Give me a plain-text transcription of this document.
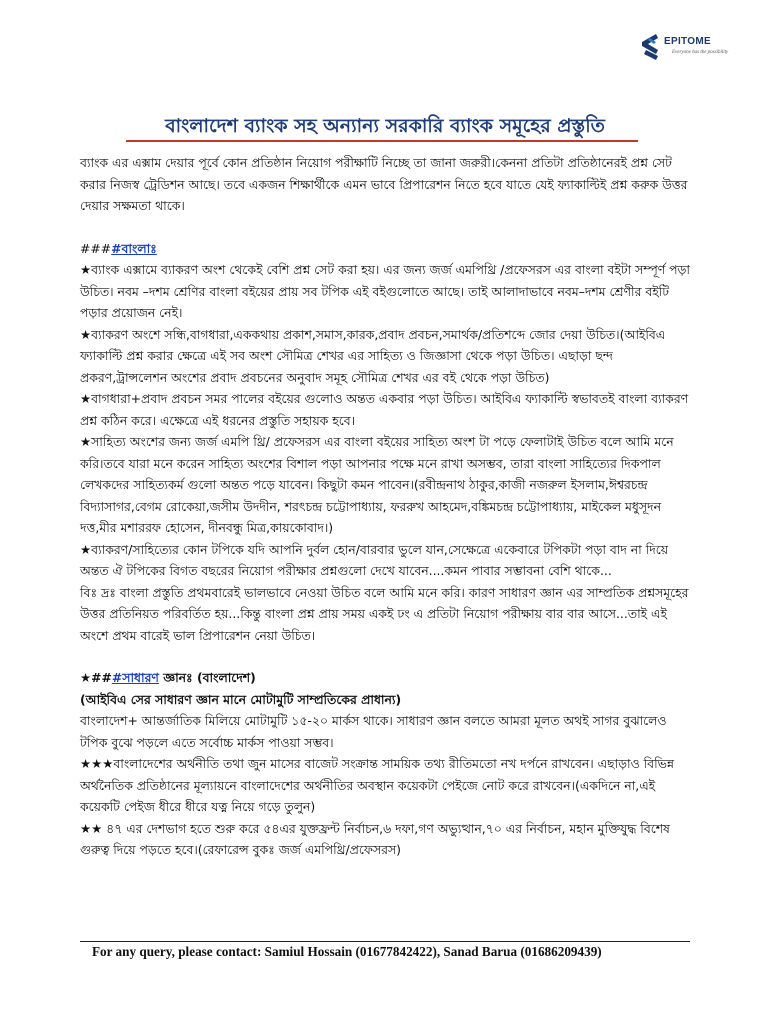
EPITOME
Everyone has the possibility
বাংলাদেশ ব্যাংক সহ অন্যান্য সরকারি ব্যাংক সমূহের প্রস্তুতি

ব্যাংক এর এক্সাম দেয়ার পূর্বে কোন প্রতিষ্ঠান নিয়োগ পরীক্ষাটি নিচ্ছে তা জানা জরুরী।কেননা প্রতিটা প্রতিষ্ঠানেরই প্রশ্ন সেট করার নিজস্ব ট্রেডিশন আছে। তবে একজন শিক্ষার্থীকে এমন ভাবে প্রিপারেশন নিতে হবে যাতে যেই ফ্যাকাল্টিই প্রশ্ন করুক উত্তর দেয়ার সক্ষমতা থাকে।

####বাংলাঃ

★ব্যাংক এক্সামে ব্যাকরণ অংশ থেকেই বেশি প্রশ্ন সেট করা হয়। এর জন্য জর্জ এমপিথ্রি /প্রফেসরস এর বাংলা বইটা সম্পূর্ণ পড়া উচিত। নবম –দশম শ্রেণির বাংলা বইয়ের প্রায় সব টপিক এই বইগুলোতে আছে। তাই আলাদাভাবে নবম–দশম শ্রেণীর বইটি পড়ার প্রয়োজন নেই।

★ব্যাকরণ অংশে সন্ধি,বাগধারা,এককথায় প্রকাশ,সমাস,কারক,প্রবাদ প্রবচন,সমার্থক/প্রতিশব্দে জোর দেয়া উচিত।(আইবিএ ফ্যাকাল্টি প্রশ্ন করার ক্ষেত্রে এই সব অংশ সৌমিত্র শেখর এর সাহিত্য ও জিজ্ঞাসা থেকে পড়া উচিত। এছাড়া ছন্দ প্রকরণ,ট্রান্সলেশন অংশের প্রবাদ প্রবচনের অনুবাদ সমূহ সৌমিত্র শেখর এর বই থেকে পড়া উচিত)

★বাগধারা+প্রবাদ প্রবচন সমর পালের বইয়ের গুলোও অন্তত একবার পড়া উচিত। আইবিএ ফ্যাকাল্টি স্বভাবতই বাংলা ব্যাকরণ প্রশ্ন কঠিন করে। এক্ষেত্রে এই ধরনের প্রস্তুতি সহায়ক হবে।

★সাহিত্য অংশের জন্য জর্জ এমপি থ্রি/ প্রফেসরস এর বাংলা বইয়ের সাহিত্য অংশ টা পড়ে ফেলাটাই উচিত বলে আমি মনে করি।তবে যারা মনে করেন সাহিত্য অংশের বিশাল পড়া আপনার পক্ষে মনে রাখা অসম্ভব, তারা বাংলা সাহিত্যের দিকপাল লেখকদের সাহিত্যকর্ম গুলো অন্তত পড়ে যাবেন। কিছুটা কমন পাবেন।(রবীন্দ্রনাথ ঠাকুর,কাজী নজরুল ইসলাম,ঈশ্বরচন্দ্র বিদ্যাসাগর,বেগম রোকেয়া,জসীম উদদীন, শরৎচন্দ্র চট্টোপাধ্যায়, ফররুখ আহমেদ,বঙ্কিমচন্দ্র চট্টোপাধ্যায়, মাইকেল মধুসূদন দত্ত,মীর মশাররফ হোসেন, দীনবন্ধু মিত্র,কায়কোবাদ।)

★ব্যাকরণ/সাহিত্যের কোন টপিকে যদি আপনি দুর্বল হোন/বারবার ভুলে যান,সেক্ষেত্রে একেবারে টপিকটা পড়া বাদ না দিয়ে অন্তত ঐ টপিকের বিগত বছরের নিয়োগ পরীক্ষার প্রশ্নগুলো দেখে যাবেন....কমন পাবার সম্ভাবনা বেশি থাকে...

বিঃ দ্রঃ বাংলা প্রস্তুতি প্রথমবারেই ভালভাবে নেওয়া উচিত বলে আমি মনে করি। কারণ সাধারণ জ্ঞান এর সাম্প্রতিক প্রশ্নসমূহের উত্তর প্রতিনিয়ত পরিবর্তিত হয়...কিন্তু বাংলা প্রশ্ন প্রায় সময় একই ঢং এ প্রতিটা নিয়োগ পরীক্ষায় বার বার আসে...তাই এই অংশে প্রথম বারেই ভাল প্রিপারেশন নেয়া উচিত।

★###সাধারণ জ্ঞানঃ (বাংলাদেশ)

(আইবিএ সের সাধারণ জ্ঞান মানে মোটামুটি সাম্প্রতিকের প্রাধান্য)

বাংলাদেশ+ আন্তর্জাতিক মিলিয়ে মোটামুটি ১৫-২০ মার্কস থাকে। সাধারণ জ্ঞান বলতে আমরা মূলত অথই সাগর বুঝালেও টপিক বুঝে পড়লে এতে সর্বোচ্চ মার্কস পাওয়া সম্ভব।

★★★বাংলাদেশের অর্থনীতি তথা জুন মাসের বাজেট সংক্রান্ত সাময়িক তথ্য রীতিমতো নখ দর্পনে রাখবেন। এছাড়াও বিভিন্ন অর্থনৈতিক প্রতিষ্ঠানের মূল্যায়নে বাংলাদেশের অর্থনীতির অবস্থান কয়েকটা পেইজে নোট করে রাখবেন।(একদিনে না,এই কয়েকটি পেইজ ধীরে ধীরে যত্ন নিয়ে গড়ে তুলুন)

★★ ৪৭ এর দেশভাগ হতে শুরু করে ৫৪এর যুক্তফ্রন্ট নির্বাচন,৬ দফা,গণ অভ্যুত্থান,৭০ এর নির্বাচন, মহান মুক্তিযুদ্ধ বিশেষ গুরুত্ব দিয়ে পড়তে হবে।(রেফারেন্স বুকঃ জর্জ এমপিথ্রি/প্রফেসরস)

For any query, please contact: Samiul Hossain (01677842422), Sanad Barua (01686209439)
